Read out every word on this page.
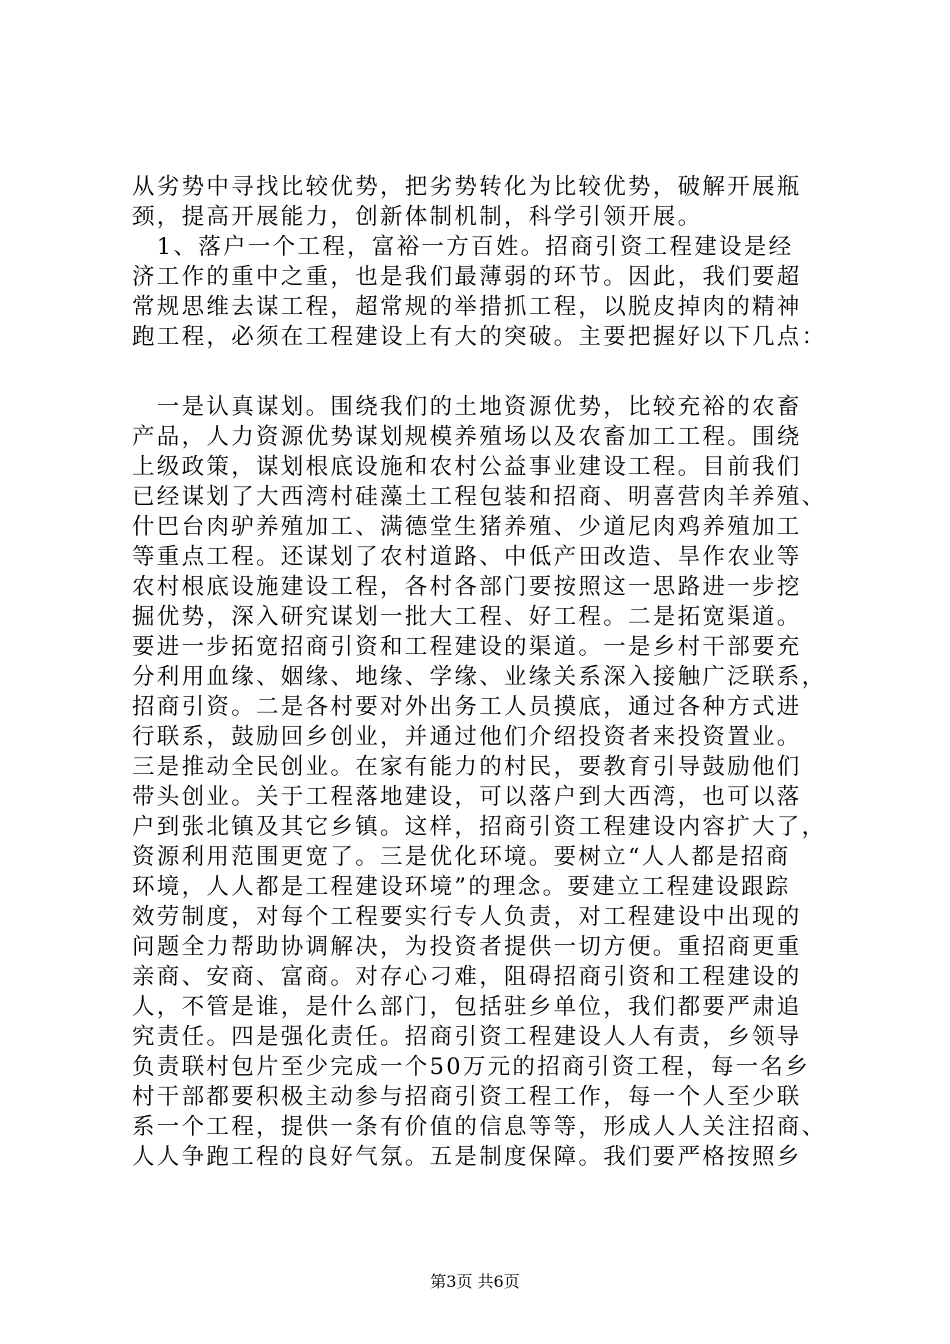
从劣势中寻找比较优势，把劣势转化为比较优势，破解开展瓶
颈，提高开展能力，创新体制机制，科学引领开展。
　1、落户一个工程，富裕一方百姓。招商引资工程建设是经
济工作的重中之重，也是我们最薄弱的环节。因此，我们要超
常规思维去谋工程，超常规的举措抓工程，以脱皮掉肉的精神
跑工程，必须在工程建设上有大的突破。主要把握好以下几点：
　一是认真谋划。围绕我们的土地资源优势，比较充裕的农畜
产品，人力资源优势谋划规模养殖场以及农畜加工工程。围绕
上级政策，谋划根底设施和农村公益事业建设工程。目前我们
已经谋划了大西湾村硅藻土工程包装和招商、明喜营肉羊养殖、
什巴台肉驴养殖加工、满德堂生猪养殖、少道尼肉鸡养殖加工
等重点工程。还谋划了农村道路、中低产田改造、旱作农业等
农村根底设施建设工程，各村各部门要按照这一思路进一步挖
掘优势，深入研究谋划一批大工程、好工程。二是拓宽渠道。
要进一步拓宽招商引资和工程建设的渠道。一是乡村干部要充
分利用血缘、姻缘、地缘、学缘、业缘关系深入接触广泛联系，
招商引资。二是各村要对外出务工人员摸底，通过各种方式进
行联系，鼓励回乡创业，并通过他们介绍投资者来投资置业。
三是推动全民创业。在家有能力的村民，要教育引导鼓励他们
带头创业。关于工程落地建设，可以落户到大西湾，也可以落
户到张北镇及其它乡镇。这样，招商引资工程建设内容扩大了，
资源利用范围更宽了。三是优化环境。要树立“人人都是招商
环境，人人都是工程建设环境”的理念。要建立工程建设跟踪
效劳制度，对每个工程要实行专人负责，对工程建设中出现的
问题全力帮助协调解决，为投资者提供一切方便。重招商更重
亲商、安商、富商。对存心刁难，阻碍招商引资和工程建设的
人，不管是谁，是什么部门，包括驻乡单位，我们都要严肃追
究责任。四是强化责任。招商引资工程建设人人有责，乡领导
负责联村包片至少完成一个50万元的招商引资工程，每一名乡
村干部都要积极主动参与招商引资工程工作，每一个人至少联
系一个工程，提供一条有价值的信息等等，形成人人关注招商、
人人争跑工程的良好气氛。五是制度保障。我们要严格按照乡
第3页 共6页
